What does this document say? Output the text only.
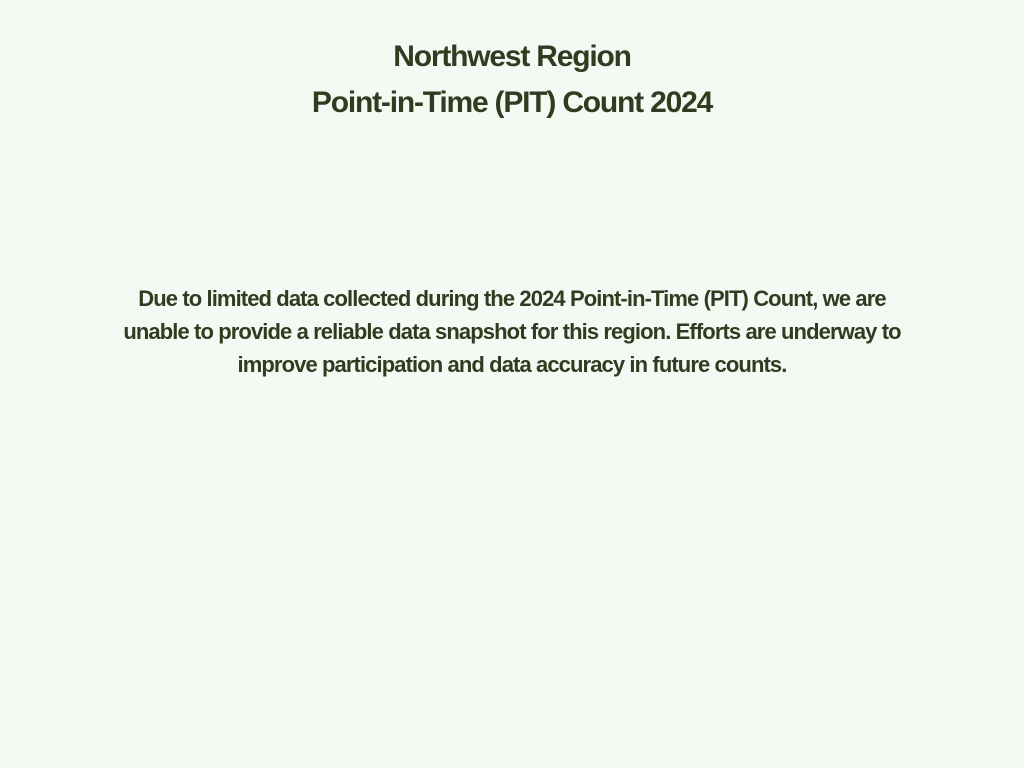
Northwest Region
Point-in-Time (PIT) Count 2024

Due to limited data collected during the 2024 Point-in-Time (PIT) Count, we are unable to provide a reliable data snapshot for this region. Efforts are underway to improve participation and data accuracy in future counts.
